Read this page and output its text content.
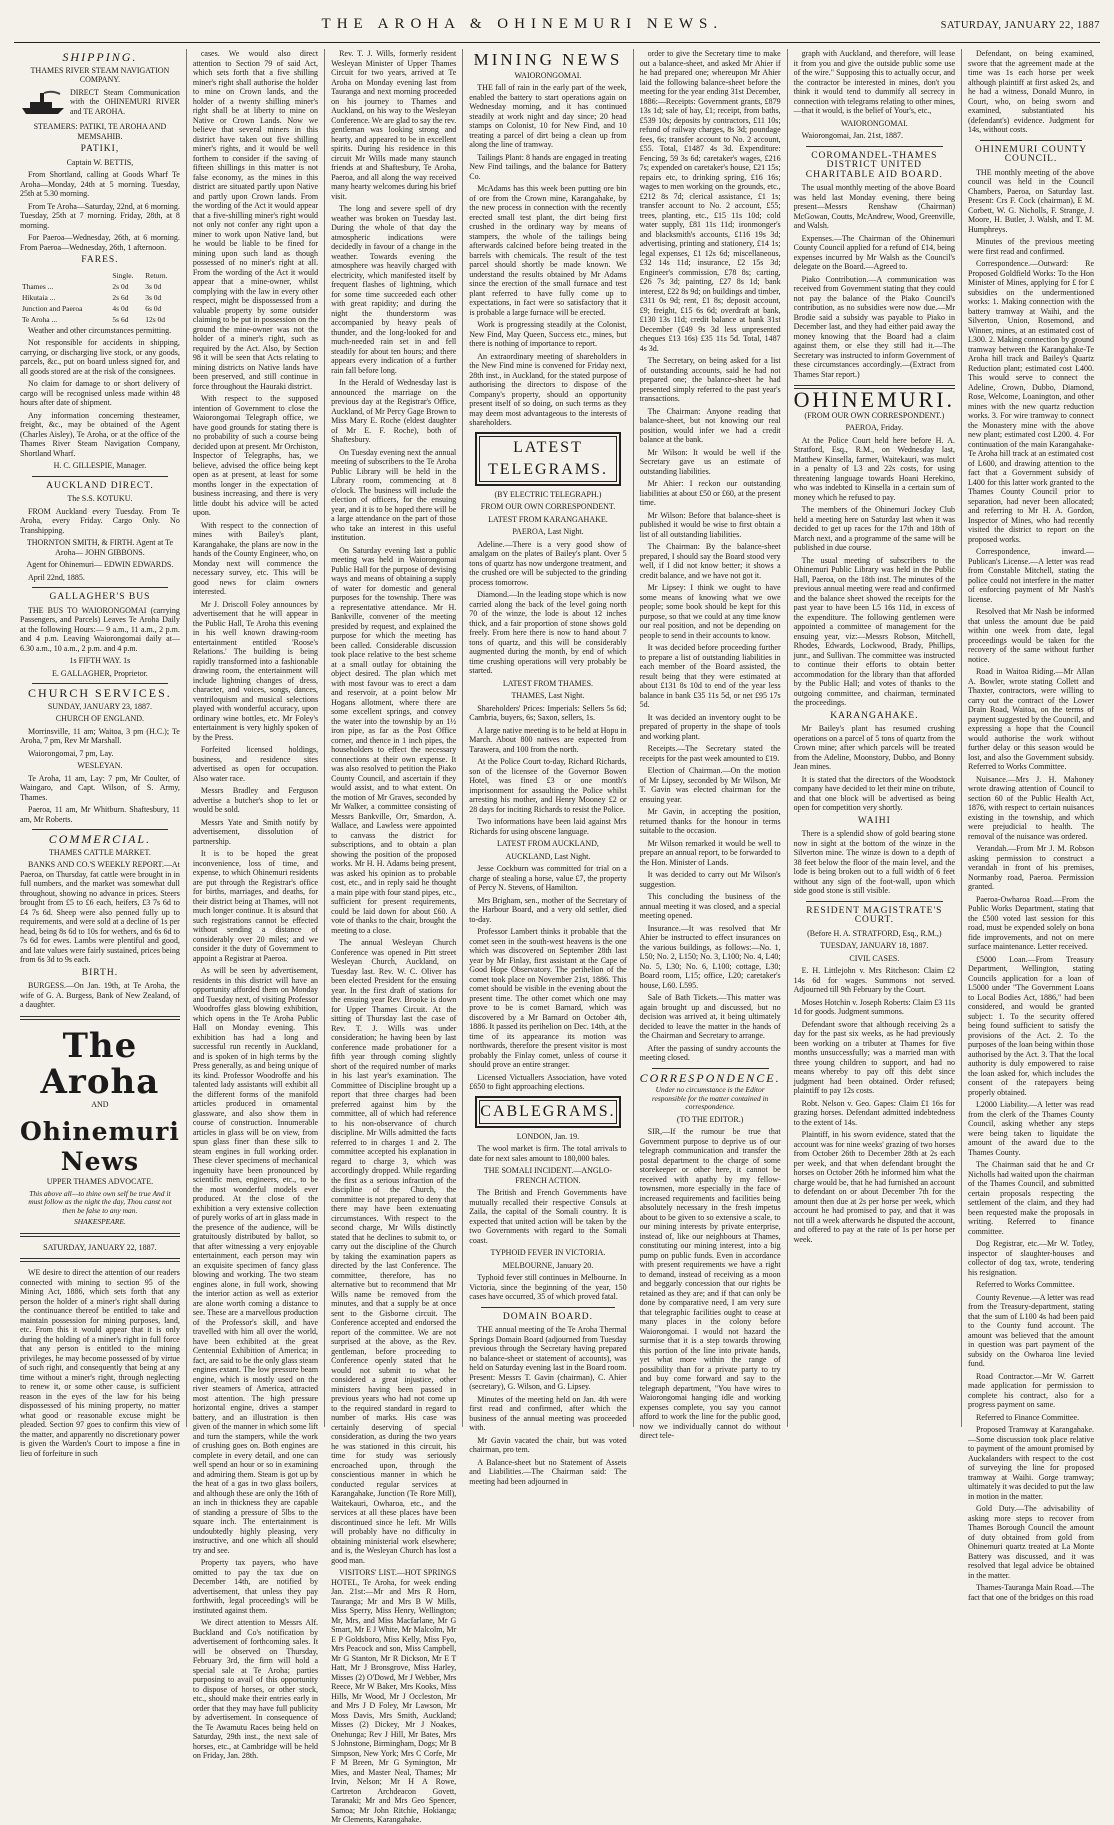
THE AROHA & OHINEMURI NEWS.	SATURDAY, JANUARY 22, 1887
SHIPPING.

THAMES RIVER STEAM NAVIGATION COMPANY.

DIRECT Steam Communication with the OHINEMURI RIVER and TE AROHA.

STEAMERS: PATIKI, TE AROHA AND MEMSAHIB.

PATIKI,

Captain W. BETTIS,

From Shortland, calling at Goods Wharf Te Aroha—Monday, 24th at 5 morning. Tuesday, 25th at 5.30 morning.

From Te Aroha—Saturday, 22nd, at 6 morning. Tuesday, 25th at 7 morning. Friday, 28th, at 8 morning.

For Paeroa—Wednesday, 26th, at 6 morning. From Paeroa—Wednesday, 26th, 1 afternoon.

FARES.
	Single.	Return.
Thames ...	2s 0d	3s 0d
Hikutaia ...	2s 6d	3s 0d
Junction and Paeroa	4s 0d	6s 0d
Te Aroha ...	5s 6d	12s 0d

Weather and other circumstances permitting.

Not responsible for accidents in shipping, carrying, or discharging live stock, or any goods, parcels, &c., put on board unless signed for, and all goods stored are at the risk of the consignees.

No claim for damage to or short delivery of cargo will be recognised unless made within 48 hours after date of shipment.

Any information concerning thesteamer, freight, &c., may be obtained of the Agent (Charles Aisley), Te Aroha, or at the office of the Thames River Steam Navigation Company, Shortland Wharf.

H. C. GILLESPIE, Manager.

AUCKLAND DIRECT.

The S.S. KOTUKU.

FROM Auckland every Tuesday. From Te Aroha, every Friday. Cargo Only. No Transhipping.

THORNTON SMITH, & FIRTH. Agent at Te Aroha— JOHN GIBBONS.

Agent for Ohinemuri— EDWIN EDWARDS.

April 22nd, 1885.

GALLAGHER'S BUS

THE BUS TO WAIORONGOMAI (carrying Passengers, and Parcels) Leaves Te Aroha Daily at the following Hours:— 9 a.m., 11 a.m., 2 p.m. and 4 p.m. Leaving Waiorongomai daily at— 6.30 a.m., 10 a.m., 2 p.m. and 4 p.m.

1s FIFTH WAY. 1s

E. GALLAGHER, Proprietor.

CHURCH SERVICES.

SUNDAY, JANUARY 23, 1887.

CHURCH OF ENGLAND.

Morrinsville, 11 am; Waitoa, 3 pm (H.C.); Te Aroha, 7 pm, Rev Mr Marshall.

Waiorongomai, 7 pm, Lay.

WESLEYAN.

Te Aroha, 11 am, Lay: 7 pm, Mr Coulter, of Waingaro, and Capt. Wilson, of S. Army, Thames.

Paeroa, 11 am, Mr Whitburn. Shaftesbury, 11 am, Mr Roberts.

COMMERCIAL.

THAMES CATTLE MARKET.

BANKS AND CO.'S WEEKLY REPORT.—At Paeroa, on Thursday, fat cattle were brought in in full numbers, and the market was somewhat dull throughout, showing no advance in prices. Steers brought from £5 to £6 each, heifers, £3 7s 6d to £4 7s 6d. Sheep were also penned fully up to requirements, and were sold at a decline of 1s per head, being 8s 6d to 10s for wethers, and 6s 6d to 7s 6d for ewes. Lambs were plentiful and good, and late values were fairly sustained, prices being from 6s 3d to 9s each.

BIRTH.

BURGESS.—On Jan. 19th, at Te Aroha, the wife of G. A. Burgess, Bank of New Zealand, of a daughter.

The Aroha

AND

Ohinemuri News

UPPER THAMES ADVOCATE.

This above all—to thine own self be true And it must follow as the night the day, Thou canst not then be false to any man.

SHAKESPEARE.

SATURDAY, JANUARY 22, 1887.

WE desire to direct the attention of our readers connected with mining to section 95 of the Mining Act, 1886, which sets forth that any person the holder of a miner's right shall during the continuance thereof be entitled to take and maintain possession for mining purposes, land, etc. From this it would appear that it is only during the holding of a miner's right in full force that any person is entitled to the mining privileges, he may become possessed of by virtue of such right, and consequently that being at any time without a miner's right, through neglecting to renew it, or some other cause, is sufficient reason in the eyes of the law for his being dispossessed of his mining property, no matter what good or reasonable excuse might be pleaded. Section 97 goes to confirm this view of the matter, and apparently no discretionary power is given the Warden's Court to impose a fine in lieu of forfeiture in such

cases. We would also direct attention to Section 79 of said Act, which sets forth that a five shilling miner's right shall authorise the holder to mine on Crown lands, and the holder of a twenty shilling miner's right shall be at liberty to mine on Native or Crown Lands. Now we believe that several miners in this district have taken out five shilling miner's rights, and it would be well forthem to consider if the saving of fifteen shillings in this matter is not false economy, as the mines in this district are situated partly upon Native and partly upon Crown lands. From the wording of the Act it would appear that a five-shilling miner's right would not only not confer any right upon a miner to work upon Native land, but he would be liable to be fined for mining upon such land as though possessed of no miner's right at all. From the wording of the Act it would appear that a mine-owner, whilst complying with the law in every other respect, might be dispossessed from a valuable property by some outsider claiming to be put in possession on the ground the mine-owner was not the holder of a miner's right, such as required by the Act. Also, by Section 98 it will be seen that Acts relating to mining districts on Native lands have been preserved, and still continue in force throughout the Hauraki district.

With respect to the supposed intention of Government to close the Waiorongomai Telegraph office, we have good grounds for stating there is no probability of such a course being decided upon at present. Mr Orchiston, Inspector of Telegraphs, has, we believe, advised the office being kept open as at present, at least for some months longer in the expectation of business increasing, and there is very little doubt his advice will be acted upon.

With respect to the connection of mines with Bailey's plant, Karangahake, the plans are now in the hands of the County Engineer, who, on Monday next will commence the necessary survey, etc. This will be good news for claim owners interested.

Mr J. Driscoll Foley announces by advertisement that he will appear in the Public Hall, Te Aroha this evening in his well known drawing-room entertainment entitled 'Roose's Relations.' The building is being rapidly transformed into a fashionable drawing room, the entertainment will include lightning changes of dress, character, and voices, songs, dances, ventriloquism and musical selections played with wonderful accuracy, upon ordinary wine bottles, etc. Mr Foley's entertainment is very highly spoken of by the Press.

Forfeited licensed holdings, business, and residence sites advertised as open for occupation. Also water race.

Messrs Bradley and Ferguson advertise a butcher's shop to let or would be sold.

Messrs Yate and Smith notify by advertisement, dissolution of partnership.

It is to be hoped the great inconvenience, loss of time, and expense, to which Ohinemuri residents are put through the Registrar's office for births, marriages, and deaths, for their district being at Thames, will not much longer continue. It is absurd that such registrations cannot be effected without sending a distance of considerably over 20 miles; and we consider it the duty of Government to appoint a Registrar at Paeroa.

As will be seen by advertisement, residents in this district will have an opportunity afforded them on Monday and Tuesday next, of visiting Professor Woodroffes glass blowing exhibition, which opens in the Te Aroha Public Hall on Monday evening. This exhibition has had a long and successful run recently in Auckland, and is spoken of in high terms by the Press generally, as and being unique of its kind. Professor Woodroffe and his talented lady assistants will exhibit all the different forms of the manifold articles produced in ornamental glassware, and also show them in course of construction. Innumerable articles in glass will be on view, from spun glass finer than these silk to steam engines in full working order. These clever specimens of mechanical ingenuity have been pronounced by scientific men, engineers, etc., to be the most wonderful models ever produced. At the close of the exhibition a very extensive collection of purely works of art in glass made in the presence of the audience, will be gratuitously distributed by ballot, so that after witnessing a very enjoyable entertainment, each person may win an exquisite specimen of fancy glass blowing and working. The two steam engines alone, in full work, showing the interior action as well as exterior are alone worth coming a distance to see. These are a marvellous production of the Professor's skill, and have travelled with him all over the world, have been exhibited at the great Centennial Exhibition of America; in fact, are said to be the only glass steam engines extant. The low pressure beam engine, which is mostly used on the river steamers of America, attracted most attention. The high pressure horizontal engine, drives a stamper battery, and an illustration is then given of the manner in which some lift and turn the stampers, while the work of crushing goes on. Both engines are complete in every detail, and one can well spend an hour or so in examining and admiring them. Steam is got up by the heat of a gas in two glass boilers, and although these are only the 16th of an inch in thickness they are capable of standing a pressure of 5lbs to the square inch. The entertainment is undoubtedly highly pleasing, very instructive, and one which all should try and see.

Property tax payers, who have omitted to pay the tax due on December 14th, are notified by advertisement, that unless they pay forthwith, legal proceeding's will be instituted against them.

We direct attention to Messrs Alf. Buckland and Co's notification by advertisement of forthcoming sales. It will be observed on Thursday, February 3rd, the firm will hold a special sale at Te Aroha; parties purposing to avail of this opportunity to dispose of horses, or other stock, etc., should make their entries early in order that they may have full publicity by advertisement. In consequence of the Te Awamutu Races being held on Saturday, 29th inst., the next sale of horses, etc., at Cambridge will be held on Friday, Jan. 28th.

Rev. T. J. Wills, formerly resident Wesleyan Minister of Upper Thames Circuit for two years, arrived at Te Aroha on Monday evening last from Tauranga and next morning proceeded on his journey to Thames and Auckland, on his way to the Wesleyan Conference. We are glad to say the rev. gentleman was looking strong and hearty, and appeared to be in excellent spirits. During his residence in this circuit Mr Wills made many staunch friends at and Shaftesbury, Te Aroha, Paeroa, and all along the way received many hearty welcomes during his brief visit.

The long and severe spell of dry weather was broken on Tuesday last. During the whole of that day the atmospheric indications were decidedly in favour of a change in the weather. Towards evening the atmosphere was heavily charged with electricity, which manifested itself by frequent flashes of lightning, which for some time succeeded each other with great rapidity; and during the night the thunderstorm was accompanied by heavy peals of thunder, and the long-looked for and much-needed rain set in and fell steadily for about ten hours; and there appears every indication of a further rain fall before long.

In the Herald of Wednesday last is announced the marriage on the previous day at the Registrar's Office, Auckland, of Mr Percy Gage Brown to Miss Mary E. Roche (eldest daughter of Mr E. F. Roche), both of Shaftesbury.

On Tuesday evening next the annual meeting of subscribers to the Te Aroha Public Library will be held in the Library room, commencing at 8 o'clock. The business will include the election of officers, for the ensuing year, and it is to be hoped there will be a large attendance on the part of those who take an interest in this useful institution.

On Saturday evening last a public meeting was held in Waiorongomai Public Hall for the purpose of devising ways and means of obtaining a supply of water for domestic and general purposes for the township. There was a representative attendance. Mr H. Bankville, convener of the meeting presided by request, and explained the purpose for which the meeting has been called. Considerable discussion took place relative to the best scheme at a small outlay for obtaining the object desired. The plan which met with most favour was to erect a dam and reservoir, at a point below Mr Hogans allotment, where there are some excellent springs, and convey the water into the township by an 1½ iron pipe, as far as the Post Office corner, and thence in 1 inch pipes, the householders to effect the necessary connections at their own expense. It was also resolved to petition the Piako County Council, and ascertain if they would assist, and to what extent. On the motion of Mr Graves, seconded by Mr Walker, a committee consisting of Messrs Bankville, Orr, Smardon, A. Wallace, and Lawless were appointed to canvass the district for subscriptions, and to obtain a plan showing the position of the proposed works. Mr H. H. Adams being present, was asked his opinion as to probable cost, etc., and in reply said he thought a main pipe with four stand pipes, etc., sufficient for present requirements, could be laid down for about £60. A vote of thanks to the chair, brought the meeting to a close.

The annual Wesleyan Church Conference was opened in Pitt street Wesleyan Church, Auckland, on Tuesday last. Rev. W. C. Oliver has been elected President for the ensuing year. In the first draft of stations for the ensuing year Rev. Brooke is down for Upper Thames Circuit. At the sitting of Thursday last the case of Rev. T. J. Wills was under consideration; he having been by last conference made probationer for a fifth year through coming slightly short of the required number of marks in his last year's examination. The Committee of Discipline brought up a report that three charges had been preferred against him by the committee, all of which had reference to his non-observance of church discipline. Mr Wills admitted the facts referred to in charges 1 and 2. The committee accepted his explanation in regard to charge 3, which was accordingly dropped. While regarding the first as a serious infraction of the discipline of the Church, the committee is not prepared to deny that there may have been extenuating circumstances. With respect to the second charge, Mr Wills distinctly stated that he declines to submit to, or carry out the discipline of the Church by taking the examination papers as directed by the last Conference. The committee, therefore, has no alternative but to recommend that Mr Wills name be removed from the minutes, and that a supply be at once sent to the Gisborne circuit. The Conference accepted and endorsed the report of the committee. We are not surprised at the above, as the Rev. gentleman, before proceeding to Conference openly stated that he would not submit to what he considered a great injustice, other ministers having been passed in previous years who had not come up to the required standard in regard to number of marks. His case was certainly deserving of special consideration, as during the two years he was stationed in this circuit, his time for study was seriously encroached upon, through the conscientious manner in which he conducted regular services at Karangahake, Junction (Te Rore Mill), Waitekauri, Owharoa, etc., and the services at all these places have been discontinued since he left. Mr Wills will probably have no difficulty in obtaining ministerial work elsewhere; and is, the Wesleyan Church has lost a good man.

VISITORS' LIST.—HOT SPRINGS HOTEL, Te Aroha, for week ending Jan. 21st:—Mr and Mrs R Horn, Tauranga; Mr and Mrs B W Mills, Miss Sperry, Miss Henry, Wellington; Mr, Mrs, and Miss Macfarlane, Mr G Smart, Mr E J White, Mr Malcolm, Mr E P Goldsboro, Miss Kelly, Miss Fyo, Mrs Peacock and son, Miss Campbell, Mr G Stanton, Mr R Dickson, Mr E T Hatt, Mr J Bronsgrove, Miss Harley, Misses (2) O'Dowd, Mr J Webber, Mrs Reece, Mr W Baker, Mrs Kooks, Miss Hills, Mr Wood, Mr J Occleston, Mr and Mrs J D Foley, Mr Lawson, Mr Moss Davis, Mrs Smith, Auckland; Misses (2) Dickey, Mr J Noakes, Onehunga; Rev J Hill, Mr Bates, Mrs S Johnstone, Birmingham, Dogs; Mr B Simpson, New York; Mrs C Corfe, Mr F M Breen, Mr G Symington, Mr Mies, and Master Neal, Thames; Mr Irvin, Nelson; Mr H A Rowe, Cartreton Archdeacon Govett, Taranaki; Mr and Mrs Geo Spencer, Samoa; Mr John Ritchie, Hokianga; Mr Clements, Karangahake.

MINING NEWS

WAIORONGOMAI.

THE fall of rain in the early part of the week, enabled the battery to start operations again on Wednesday morning, and it has continued steadily at work night and day since; 20 head stamps on Colonist, 10 for New Find, and 10 treating a parcel of dirt being a clean up from along the line of tramway.

Tailings Plant: 8 hands are engaged in treating New Find tailings, and the balance for Battery Co.

McAdams has this week been putting ore bin of ore from the Crown mine, Karangahake, by the new process in connection with the recently erected small test plant, the dirt being first crushed in the ordinary way by means of stampers, the whole of the tailings being afterwards calcined before being treated in the barrels with chemicals. The result of the test parcel should shortly be made known. We understand the results obtained by Mr Adams since the erection of the small furnace and test plant referred to have fully come up to expectations, in fact were so satisfactory that it is probable a large furnace will be erected.

Work is progressing steadily at the Colonist, New Find, May Queen, Success etc., mines, but there is nothing of importance to report.

An extraordinary meeting of shareholders in the New Find mine is convened for Friday next, 28th inst., in Auckland, for the stated purpose of authorising the directors to dispose of the Company's property, should an opportunity present itself of so doing, on such terms as they may deem most advantageous to the interests of shareholders.

LATEST TELEGRAMS.

(BY ELECTRIC TELEGRAPH.)

FROM OUR OWN CORRESPONDENT.

LATEST FROM KARANGAHAKE.

PAEROA, Last Night.

Adeline.—There is a very good show of amalgam on the plates of Bailey's plant. Over 5 tons of quartz has now undergone treatment, and the crushed ore will be subjected to the grinding process tomorrow.

Diamond.—In the leading stope which is now carried along the back of the level going north 70 of the winze, the lode is about 12 inches thick, and a fair proportion of stone shows gold freely. From here there is now to hand about 7 tons of quartz, and this will be considerably augmented during the month, by end of which time crushing operations will very probably be started.

LATEST FROM THAMES.

THAMES, Last Night.

Shareholders' Prices: Imperials: Sellers 5s 6d; Cambria, buyers, 6s; Saxon, sellers, 1s.

A large native meeting is to be held at Hopu in March. About 800 natives are expected from Tarawera, and 100 from the north.

At the Police Court to-day, Richard Richards, son of the licensee of the Governor Bowen Hotel, was fined £3 or one month's imprisonment for assaulting the Police whilst arresting his mother, and Henry Mooney £2 or 28 days for inciting Richards to resist the Police.

Two informations have been laid against Mrs Richards for using obscene language.

LATEST FROM AUCKLAND,

AUCKLAND, Last Night.

Jesse Cockburn was committed for trial on a charge of stealing a horse, value £7, the property of Percy N. Stevens, of Hamilton.

Mrs Brigham, sen., mother of the Secretary of the Harbour Board, and a very old settler, died to-day.

Professor Lambert thinks it probable that the comet seen in the south-west heavens is the one which was discovered on September 28th last year by Mr Finlay, first assistant at the Cape of Good Hope Observatory. The perihelion of the comet took place on November 21st, 1886. This comet should be visible in the evening about the present time. The other comet which one may prove to be is comet Barnard, which was discovered by a Mr Barnard on October 4th, 1886. It passed its perihelion on Dec. 14th, at the time of its appearance its motion was northwards, therefore the present visitor is most probably the Finlay comet, unless of course it should prove an entire stranger.

Licensed Victuallers Association, have voted £650 to fight approaching elections.

CABLEGRAMS.

LONDON, Jan. 19.

The wool market is firm. The total arrivals to date for next sales amount to 180,000 bales.

THE SOMALI INCIDENT.—ANGLO-FRENCH ACTION.

The British and French Governments have mutually recalled their respective Consuls at Zaila, the capital of the Somali country. It is expected that united action will be taken by the two Governments with regard to the Somali coast.

TYPHOID FEVER IN VICTORIA.

MELBOURNE, January 20.

Typhoid fever still continues in Melbourne. In Victoria, since the beginning of the year, 150 cases have occurred, 35 of which proved fatal.

DOMAIN BOARD.

THE annual meeting of the Te Aroha Thermal Springs Domain Board (adjourned from Tuesday previous through the Secretary having prepared no balance-sheet or statement of accounts), was held on Saturday evening last in the Board room. Present: Messrs T. Gavin (chairman), C. Ahier (secretary), G. Wilson, and G. Lipsey.

Minutes of the meeting held on Jan. 4th were first read and confirmed, after which the business of the annual meeting was proceeded with.

Mr Gavin vacated the chair, but was voted chairman, pro tem.

A Balance-sheet but no Statement of Assets and Liabilities.—The Chairman said: The meeting had been adjourned in

order to give the Secretary time to make out a balance-sheet, and asked Mr Ahier if he had prepared one; whereupon Mr Ahier laid the following balance-sheet before the meeting for the year ending 31st December, 1886:—Receipts: Government grants, £879 13s 1d; sale of hay, £1; receipt, from baths, £539 10s; deposits by contractors, £11 10s; refund of railway charges, 8s 3d; poundage fees, 6s; transfer account to No. 2 account, £55. Total, £1487 4s 3d. Expenditure: Fencing, 59 3s 6d; caretaker's wages, £216 7s; expended on caretaker's house, £21 15s; repairs etc, to drinking spring, £16 16s; wages to men working on the grounds, etc., £212 8s 7d; clerical assistance, £1 1s; transfer account to No. 2 account, £55; trees, planting, etc., £15 11s 10d; cold water supply, £81 11s 11d; ironmonger's and blacksmith's accounts, £116 19s 3d; advertising, printing and stationery, £14 1s; legal expenses, £1 12s 6d; miscellaneous, £32 14s 11d; insurance, £2 15s 3d; Engineer's commission, £78 8s; carting, £26 7s 3d; painting, £27 8s 1d; bank interest, £22 8s 9d; on buildings and timber, £311 0s 9d; rent, £1 8s; deposit account, £9; freight, £15 6s 6d; overdraft at bank, £130 13s 11d; credit balance at bank 31st December (£49 9s 3d less unpresented cheques £13 16s) £35 11s 5d. Total, 1487 4s 3d.

The Secretary, on being asked for a list of outstanding accounts, said he had not prepared one; the balance-sheet he had presented simply referred to the past year's transactions.

The Chairman: Anyone reading that balance-sheet, but not knowing our real position, would infer we had a credit balance at the bank.

Mr Wilson: It would be well if the Secretary gave us an estimate of outstanding liabilities.

Mr Ahier: I reckon our outstanding liabilities at about £50 or £60, at the present time.

Mr Wilson: Before that balance-sheet is published it would be wise to first obtain a list of all outstanding liabilities.

The Chairman: By the balance-sheet prepared, I should say the Board stood very well, if I did not know better; it shows a credit balance, and we have not got it.

Mr Lipsey: I think we ought to have some means of knowing what we owe people; some book should be kept for this purpose, so that we could at any time know our real position, and not be depending on people to send in their accounts to know.

It was decided before proceeding further to prepare a list of outstanding liabilities in each member of the Board assisted, the result being that they were estimated at about £131 8s 10d to end of the year less balance in bank £35 11s 5d, or net £95 17s 5d.

It was decided an inventory ought to be prepared of property in the shape of tools and working plant.

Receipts.—The Secretary stated the receipts for the past week amounted to £19.

Election of Chairman.—On the motion of Mr Lipsey, seconded by Mr Wilson, Mr T. Gavin was elected chairman for the ensuing year.

Mr Gavin, in accepting the position, returned thanks for the honour in terms suitable to the occasion.

Mr Wilson remarked it would be well to prepare an annual report, to be forwarded to the Hon. Minister of Lands.

It was decided to carry out Mr Wilson's suggestion.

This concluding the business of the annual meeting it was closed, and a special meeting opened.

Insurance.—It was resolved that Mr Ahier be instructed to effect insurances on the various buildings, as follows:—No. 1, L50; No. 2, L150; No. 3, L100; No. 4, L40; No. 5, L30; No. 6, L100; cottage, L30; Board room, L15; office, L20; caretaker's house, L60. L595.

Sale of Bath Tickets.—This matter was again brought up and discussed, but no decision was arrived at, it being ultimately decided to leave the matter in the hands of the Chairman and Secretary to arrange.

After the passing of sundry accounts the meeting closed.

CORRESPONDENCE.

Under no circumstance is the Editor responsible for the matter contained in correspondence.

(TO THE EDITOR.)

SIR,—If the rumour be true that Government purpose to deprive us of our telegraph communication and transfer the postal department to the charge of some storekeeper or other here, it cannot be received with apathy by my fellow-townsmen, more especially in the face of increased requirements and facilities being absolutely necessary in the fresh impetus about to be given to so extensive a scale, to our mining interests by private enterprise, instead of, like our neighbours at Thames, constituting our mining interest, into a big pump on public funds. Even in accordance with present requirements we have a right to demand, instead of receiving as a moon and beggarly concession that our rights be retained as they are; and if that can only be done by comparative need, I am very sure that telegraphic facilities ought to cease at many places in the colony before Waiorongomai. I would not hazard the surmise that it is a step towards throwing this portion of the line into private hands, yet what more within the range of possibility than for a private party to try and buy come forward and say to the telegraph department, "You have wires to Waiorongomai hanging idle and working expenses complete, you say you cannot afford to work the line for the public good, now we individually cannot do without direct tele-

graph with Auckland, and therefore, will lease it from you and give the outside public some use of the wire." Supposing this to actually occur, and the contractor be interested in mines, don't you think it would tend to dummify all secrecy in connection with telegrams relating to other mines,—that it would, is the belief of Your's, etc.,

WAIORONGOMAI.

Waiorongomai, Jan. 21st, 1887.

COROMANDEL-THAMES DISTRICT UNITED CHARITABLE AID BOARD.

The usual monthly meeting of the above Board was held last Monday evening, there being present—Messrs Renshaw (Chairman) McGowan, Coutts, McAndrew, Wood, Greenville, and Walsh.

Expenses.—The Chairman of the Ohinemuri County Council applied for a refund of £14, being expenses incurred by Mr Walsh as the Council's delegate on the Board.—Agreed to.

Piako Contribution.—A communication was received from Government stating that they could not pay the balance of the Piako Council's contribution, as no subsidies were now due.—Mr Brodie said a subsidy was payable to Piako in December last, and they had either paid away the money knowing that the Board had a claim against them, or else they still had it.—The Secretary was instructed to inform Government of these circumstances accordingly.—(Extract from Thames Star report.)

OHINEMURI.

(FROM OUR OWN CORRESPONDENT.)

PAEROA, Friday.

At the Police Court held here before H. A. Stratford, Esq., R.M., on Wednesday last, Matthew Kinsella, farmer, Waitekauri, was mulct in a penalty of L3 and 22s costs, for using threatening language towards Hoani Herekino, who was indebted to Kinsella in a certain sum of money which he refused to pay.

The members of the Ohinemuri Jockey Club held a meeting here on Saturday last when it was decided to get up races for the 17th and 18th of March next, and a programme of the same will be published in due course.

The usual meeting of subscribers to the Ohinemuri Public Library was held in the Public Hall, Paeroa, on the 18th inst. The minutes of the previous annual meeting were read and confirmed and the balance sheet showed the receipts for the past year to have been L5 16s 11d, in excess of the expenditure. The following gentlemen were appointed a committee of management for the ensuing year, viz:—Messrs Robson, Mitchell, Rhodes, Edwards, Lockwood, Brady, Phillips, junr., and Sullivan. The committee was instructed to continue their efforts to obtain better accommodation for the library than that afforded by the Public Hall; and votes of thanks to the outgoing committee, and chairman, terminated the proceedings.

KARANGAHAKE.

Mr Bailey's plant has resumed crushing operations on a parcel of 5 tons of quartz from the Crown mine; after which parcels will be treated from the Adeline, Moonstory, Dubbo, and Bonny Jean mines.

It is stated that the directors of the Woodstock company have decided to let their mine on tribute, and that one block will be advertised as being open for competition very shortly.

WAIHI

There is a splendid show of gold bearing stone now in sight at the bottom of the winze in the Silverton mine. The winze is down to a depth of 38 feet below the floor of the main level, and the lode is being broken out to a full width of 6 feet without any sign of the foot-wall, upon which side good stone is still visible.

RESIDENT MAGISTRATE'S COURT.

(Before H. A. STRATFORD, Esq., R.M.,)

TUESDAY, JANUARY 18, 1887.

CIVIL CASES.

E. H. Littlejohn v. Mrs Ritcheson: Claim £2 14s 6d for wages. Summons not served. Adjourned till 9th February by the Court.

Moses Hotchin v. Joseph Roberts: Claim £3 11s 1d for goods. Judgment summons.

Defendant swore that although receiving 2s a day for the past six weeks, as he had previously been working on a tributer at Thames for five months unsuccessfully; was a married man with three young children to support, and had no means whereby to pay off this debt since judgment had been obtained. Order refused; plaintiff to pay 12s costs.

Robt. Nelson v. Geo. Gapes: Claim £1 16s for grazing horses. Defendant admitted indebtedness to the extent of 14s.

Plaintiff, in his sworn evidence, stated that the account was for nine weeks' grazing of two horses from October 26th to December 28th at 2s each per week, and that when defendant brought the horses on October 26th he informed him what the charge would be, that he had furnished an account to defendant on or about December 7th for the amount then due at 2s per horse per week, which account he had promised to pay, and that it was not till a week afterwards he disputed the account, and offered to pay at the rate of 1s per horse per week.

Defendant, on being examined, swore that the agreement made at the time was 1s each horse per week although plaintiff at first asked 2s, and he had a witness, Donald Munro, in Court, who, on being sworn and examined, substantiated his (defendant's) evidence. Judgment for 14s, without costs.

OHINEMURI COUNTY COUNCIL.

THE monthly meeting of the above council was held in the Council Chambers, Paeroa, on Saturday last. Present: Crs F. Cock (chairman), E M. Corbett, W. G. Nicholls, F. Strange, J. Moore, H. Butler, J. Walsh, and T. M. Humphreys.

Minutes of the previous meeting were first read and confirmed.

Correspondence.—Outward: Re Proposed Goldfield Works: To the Hon Minister of Mines, applying for £ for £ subsidies on the undermentioned works: 1. Making connection with the battery tramway at Waihi, and the Silverton, Union, Rosemond, and Winner, mines, at an estimated cost of L300. 2. Making connection by ground tramway between the Karangahake-Te Aroha hill track and Bailey's Quartz Reduction plant; estimated cost L400. This would serve to connect the Adeline, Crown, Dubbo, Diamond, Rose, Welcome, Loanington, and other mines with the new quartz reduction works. 3. For wire tramway to connect the Monastery mine with the above new plant; estimated cost L200. 4. For continuation of the main Karangahake-Te Aroha hill track at an estimated cost of L600, and drawing attention to the fact that a Government subsidy of L400 for this latter work granted to the Thames County Council prior to separation, had never been allocated; and referring to Mr H. A. Gordon, Inspector of Mines, who had recently visited the district to report on the proposed works.

Correspondence, inward.—Publican's License.—A letter was read from Constable Mitchell, stating the police could not interfere in the matter of enforcing payment of Mr Nash's license.

Resolved that Mr Nash be informed that unless the amount due be paid within one week from date, legal proceedings would be taken for the recovery of the same without further notice.

Road in Waitoa Riding.—Mr Allan A. Bowler, wrote stating Collett and Thaxter, contractors, were willing to carry out the contract of the Lower Drain Road, Waitoa, on the terms of payment suggested by the Council, and expressing a hope that the Council would authorise the work without further delay or this season would be lost, and also the Government subsidy. Referred to Works Committee.

Nuisance.—Mrs J. H. Mahoney wrote drawing attention of Council to section 60 of the Public Health Act, 1876, with respect to certain nuisances existing in the township, and which were prejudicial to health. The removal of the nuisance was ordered.

Verandah.—From Mr J. M. Robson asking permission to construct a verandah in front of his premises, Normanby road, Paeroa. Permission granted.

Paeroa-Owharoa Road.—From the Public Works Department, stating that the £500 voted last session for this road, must be expended solely on bona fide improvements, and not on mere surface maintenance. Letter received.

£5000 Loan.—From Treasury Department, Wellington, stating Councils application for a loan of L5000 under "The Government Loans to Local Bodies Act, 1886," had been considered, and would be granted subject: 1. To the security offered being found sufficient to satisfy the provisions of the Act. 2. To the purposes of the loan being within those authorised by the Act. 3. That the local authority is duly empowered to raise the loan asked for, which includes the consent of the ratepayers being properly obtained.

L2000 Liability.—A letter was read from the clerk of the Thames County Council, asking whether any steps were being taken to liquidate the amount of the award due to the Thames County.

The Chairman said that he and Cr Nicholls had waited upon the chairman of the Thames Council, and submitted certain proposals respecting the settlement of the claim, and they had been requested make the proposals in writing. Referred to finance committee.

Dog Registrar, etc.—Mr W. Totley, inspector of slaughter-houses and collector of dog tax, wrote, tendering his resignation.

Referred to Works Committee.

County Revenue.—A letter was read from the Treasury-department, stating that the sum of L100 4s had been paid to the County fund account. The amount was believed that the amount in question was part payment of the subsidy on the Owharoa line levied fund.

Road Contractor.—Mr W. Garrett made application for permission to complete his contract, also for a progress payment on same.

Referred to Finance Committee.

Proposed Tramway at Karangahake.—Some discussion took place relative to payment of the amount promised by Auckalanders with respect to the cost of surveying the line for proposed tramway at Waihi. Gorge tramway; ultimately it was decided to put the law in motion in the matter.

Gold Duty.—The advisability of asking more steps to recover from Thames Borough Council the amount of duty obtained from gold from Ohinemuri quartz treated at La Monte Battery was discussed, and it was resolved that legal advice be obtained in the matter.

Thames-Tauranga Main Road.—The fact that one of the bridges on this road
